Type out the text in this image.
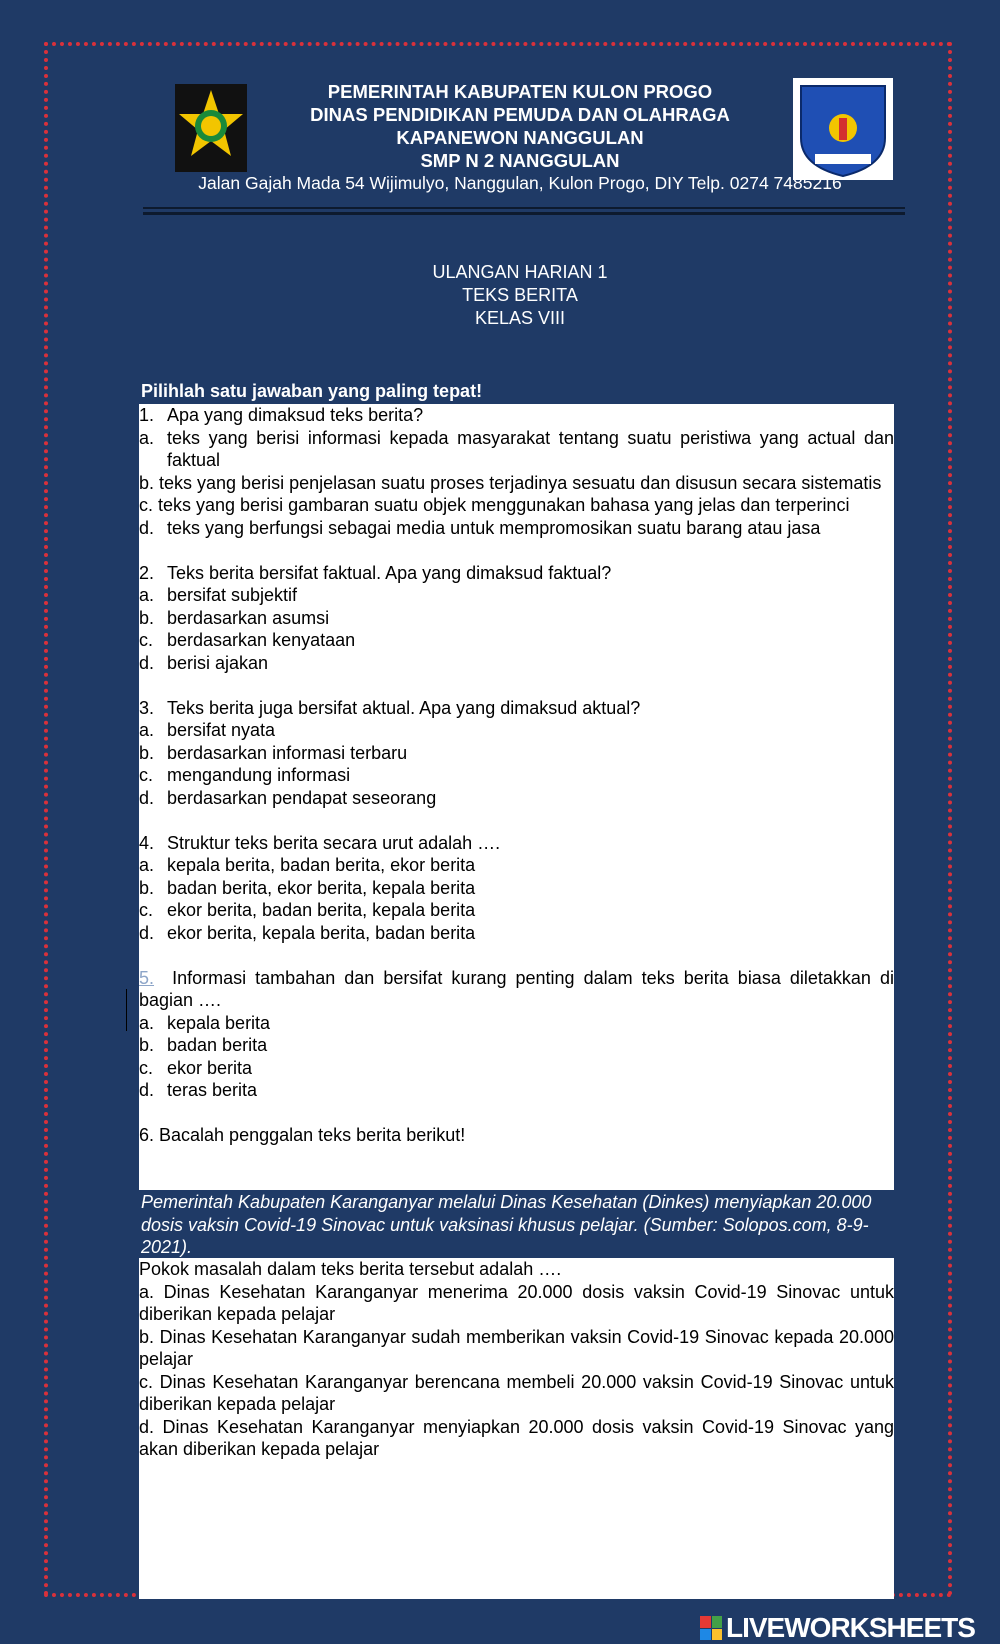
PEMERINTAH KABUPATEN KULON PROGO
DINAS PENDIDIKAN PEMUDA DAN OLAHRAGA
KAPANEWON NANGGULAN
SMP N 2 NANGGULAN
Jalan Gajah Mada 54 Wijimulyo, Nanggulan, Kulon Progo, DIY Telp. 0274 7485216
ULANGAN HARIAN 1
TEKS BERITA
KELAS VIII
Pilihlah satu jawaban yang paling tepat!
1. Apa yang dimaksud teks berita?
a. teks yang berisi informasi kepada masyarakat tentang suatu peristiwa yang actual dan faktual
b. teks yang berisi penjelasan suatu proses terjadinya sesuatu dan disusun secara sistematis
c. teks yang berisi gambaran suatu objek menggunakan bahasa yang jelas dan terperinci
d. teks yang berfungsi sebagai media untuk mempromosikan suatu barang atau jasa
2. Teks berita bersifat faktual. Apa yang dimaksud faktual?
a. bersifat subjektif
b. berdasarkan asumsi
c. berdasarkan kenyataan
d. berisi ajakan
3. Teks berita juga bersifat aktual. Apa yang dimaksud aktual?
a. bersifat nyata
b. berdasarkan informasi terbaru
c. mengandung informasi
d. berdasarkan pendapat seseorang
4. Struktur teks berita secara urut adalah ….
a. kepala berita, badan berita, ekor berita
b. badan berita, ekor berita, kepala berita
c. ekor berita, badan berita, kepala berita
d. ekor berita, kepala berita, badan berita
5. Informasi tambahan dan bersifat kurang penting dalam teks berita biasa diletakkan di bagian ….
a. kepala berita
b. badan berita
c. ekor berita
d. teras berita
6. Bacalah penggalan teks berita berikut!
Pemerintah Kabupaten Karanganyar melalui Dinas Kesehatan (Dinkes) menyiapkan 20.000 dosis vaksin Covid-19 Sinovac untuk vaksinasi khusus pelajar. (Sumber: Solopos.com, 8-9-2021).
Pokok masalah dalam teks berita tersebut adalah ….
a. Dinas Kesehatan Karanganyar menerima 20.000 dosis vaksin Covid-19 Sinovac untuk diberikan kepada pelajar
b. Dinas Kesehatan Karanganyar sudah memberikan vaksin Covid-19 Sinovac kepada 20.000 pelajar
c. Dinas Kesehatan Karanganyar berencana membeli 20.000 vaksin Covid-19 Sinovac untuk diberikan kepada pelajar
d. Dinas Kesehatan Karanganyar menyiapkan 20.000 dosis vaksin Covid-19 Sinovac yang akan diberikan kepada pelajar
LIVEWORKSHEETS
